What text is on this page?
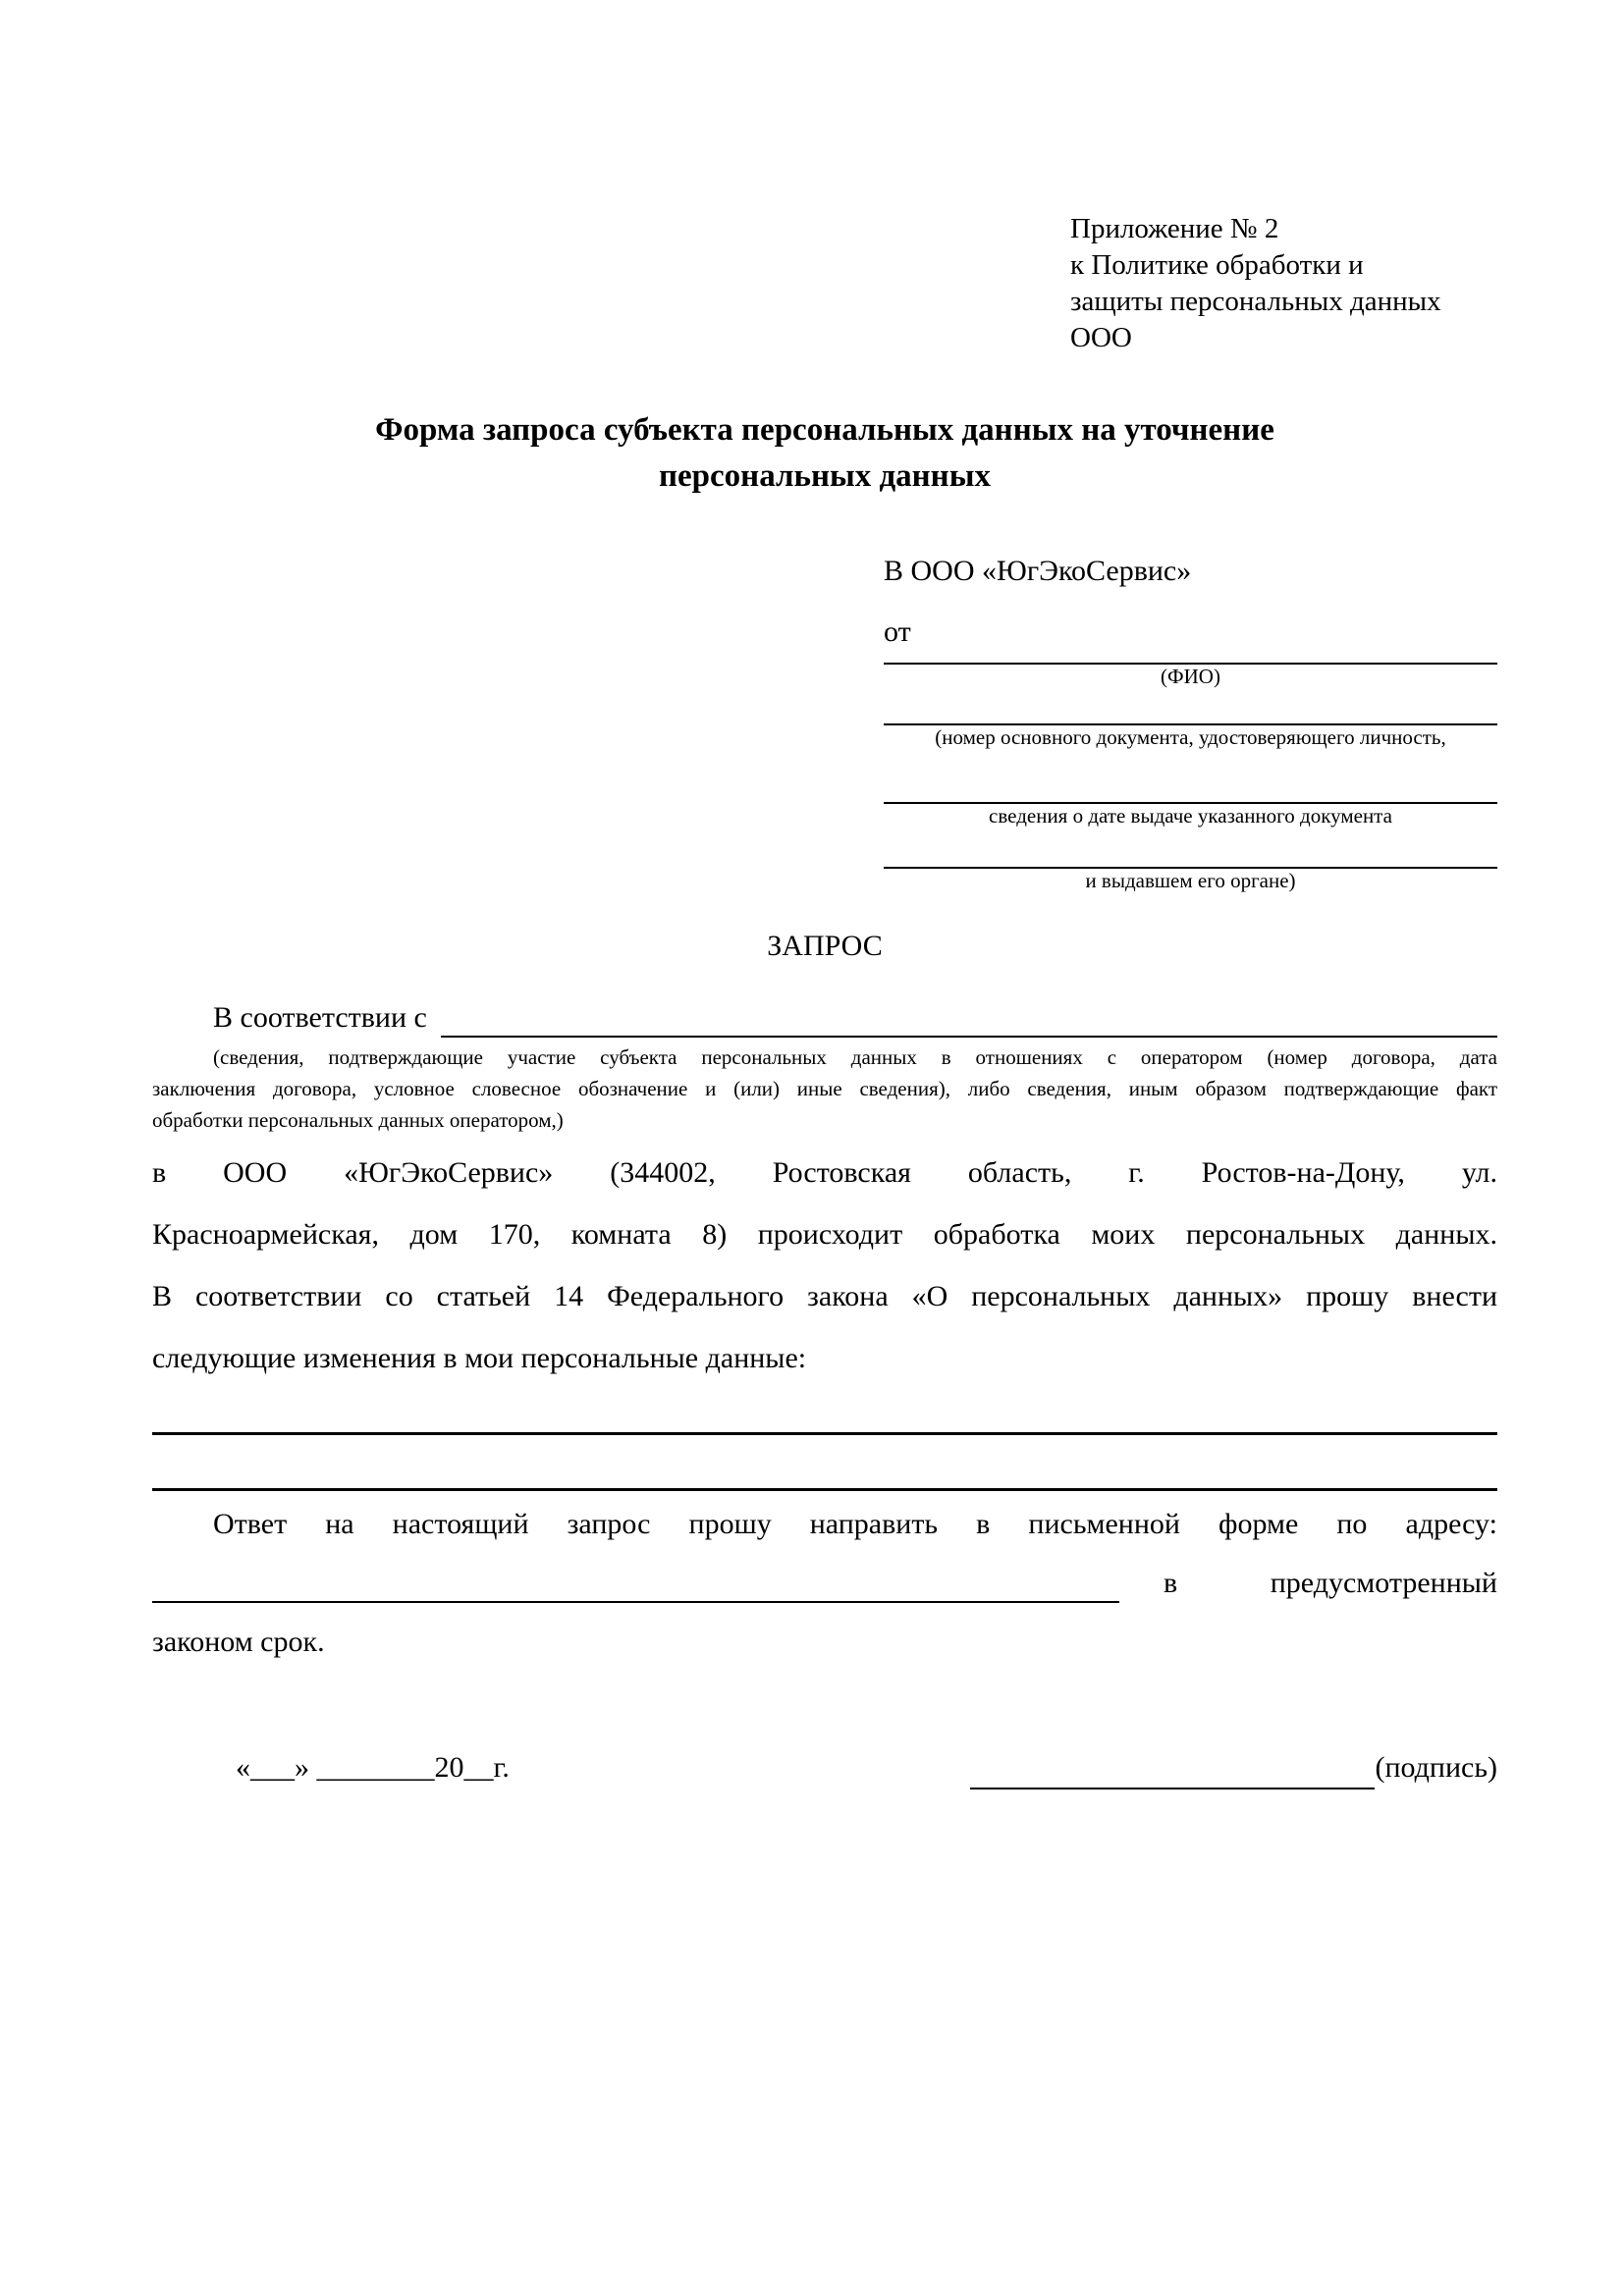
Приложение № 2
к Политике обработки и
защиты персональных данных
ООО
Форма запроса субъекта персональных данных на уточнение
персональных данных
В ООО «ЮгЭкоСервис»
от
(ФИО)
(номер основного документа, удостоверяющего личность,
сведения о дате выдаче указанного документа
и выдавшем его органе)
ЗАПРОС
В соответствии с
(сведения, подтверждающие участие субъекта персональных данных в отношениях с оператором (номер договора, дата
заключения договора, условное словесное обозначение и (или) иные сведения), либо сведения, иным образом подтверждающие факт
обработки персональных данных оператором,)
в ООО «ЮгЭкоСервис» (344002, Ростовская область, г. Ростов-на-Дону, ул.
Красноармейская, дом 170, комната 8) происходит обработка моих персональных данных.
В соответствии со статьей 14 Федерального закона «О персональных данных» прошу внести
следующие изменения в мои персональные данные:
Ответ на настоящий запрос прошу направить в письменной форме по адресу:
в	предусмотренный
законом срок.
«___» ________20__г.	(подпись)
